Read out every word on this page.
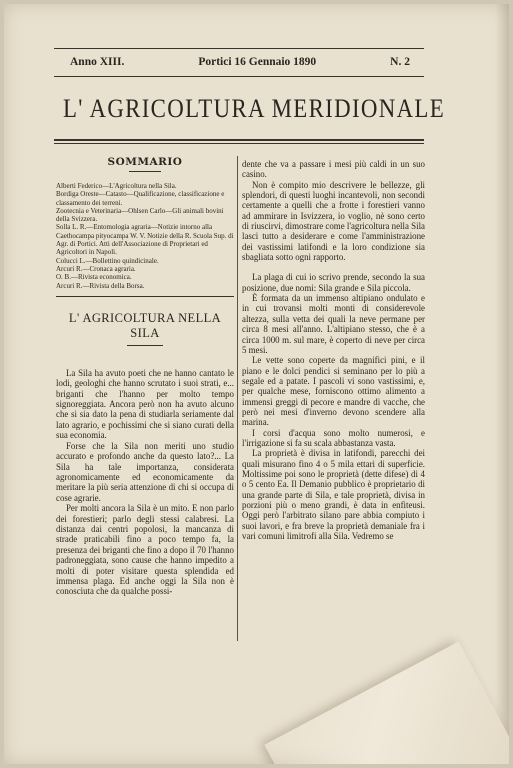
Anno XIII.	Portici 16 Gennaio 1890	N. 2
L' AGRICOLTURA MERIDIONALE
SOMMARIO

Alberti Federico—L'Agricoltura nella Sila.

Bordiga Oreste—Catasto—Qualificazione, classificazione e classamento dei terreni.

Zootecnia e Veterinaria—Ohlsen Carlo—Gli animali bovini della Svizzera.

Solla L. R.—Entomologia agraria—Notizie intorno alla Caethocampa pityocampa W. V. Notizie della R. Scuola Sup. di Agr. di Portici. Atti dell'Associazione di Proprietari ed Agricoltori in Napoli.

Colucci L.—Bollettino quindicinale.

Arcuri R.—Cronaca agraria.

O. B.—Rivista economica.

Arcuri R.—Rivista della Borsa.

L' AGRICOLTURA NELLA SILA

La Sila ha avuto poeti che ne hanno cantato le lodi, geologhi che hanno scrutato i suoi strati, e... briganti che l'hanno per molto tempo signoreggiata. Ancora però non ha avuto alcuno che si sia dato la pena di studiarla seriamente dal lato agrario, e pochissimi che si siano curati della sua economia.

Forse che la Sila non meriti uno studio accurato e profondo anche da questo lato?... La Sila ha tale importanza, considerata agronomicamente ed economicamente da meritare la più seria attenzione di chi si occupa di cose agrarie.

Per molti ancora la Sila è un mito. E non parlo dei forestieri; parlo degli stessi calabresi. La distanza dai centri popolosi, la mancanza di strade praticabili fino a poco tempo fa, la presenza dei briganti che fino a dopo il 70 l'hanno padroneggiata, sono cause che hanno impedito a molti di poter visitare questa splendida ed immensa plaga. Ed anche oggi la Sila non è conosciuta che da qualche possi-

dente che va a passare i mesi più caldi in un suo casino.

Non è compito mio descrivere le bellezze, gli splendori, di questi luoghi incantevoli, non secondi certamente a quelli che a frotte i forestieri vanno ad ammirare in Isvizzera, io voglio, nè sono certo di riuscirvi, dimostrare come l'agricoltura nella Sila lasci tutto a desiderare e come l'amministrazione dei vastissimi latifondi e la loro condizione sia sbagliata sotto ogni rapporto.

La plaga di cui io scrivo prende, secondo la sua posizione, due nomi: Sila grande e Sila piccola.

È formata da un immenso altipiano ondulato e in cui trovansi molti monti di considerevole altezza, sulla vetta dei quali la neve permane per circa 8 mesi all'anno. L'altipiano stesso, che è a circa 1000 m. sul mare, è coperto di neve per circa 5 mesi.

Le vette sono coperte da magnifici pini, e il piano e le dolci pendici si seminano per lo più a segale ed a patate. I pascoli vi sono vastissimi, e, per qualche mese, forniscono ottimo alimento a immensi greggi di pecore e mandre di vacche, che però nei mesi d'inverno devono scendere alla marina.

I corsi d'acqua sono molto numerosi, e l'irrigazione si fa su scala abbastanza vasta.

La proprietà è divisa in latifondi, parecchi dei quali misurano fino 4 o 5 mila ettari di superficie. Moltissime poi sono le proprietà (dette difese) di 4 o 5 cento Ea. Il Demanio pubblico è proprietario di una grande parte di Sila, e tale proprietà, divisa in porzioni più o meno grandi, è data in enfiteusi. Oggi però l'arbitrato silano pare abbia compiuto i suoi lavori, e fra breve la proprietà demaniale fra i vari comuni limitrofi alla Sila. Vedremo se
